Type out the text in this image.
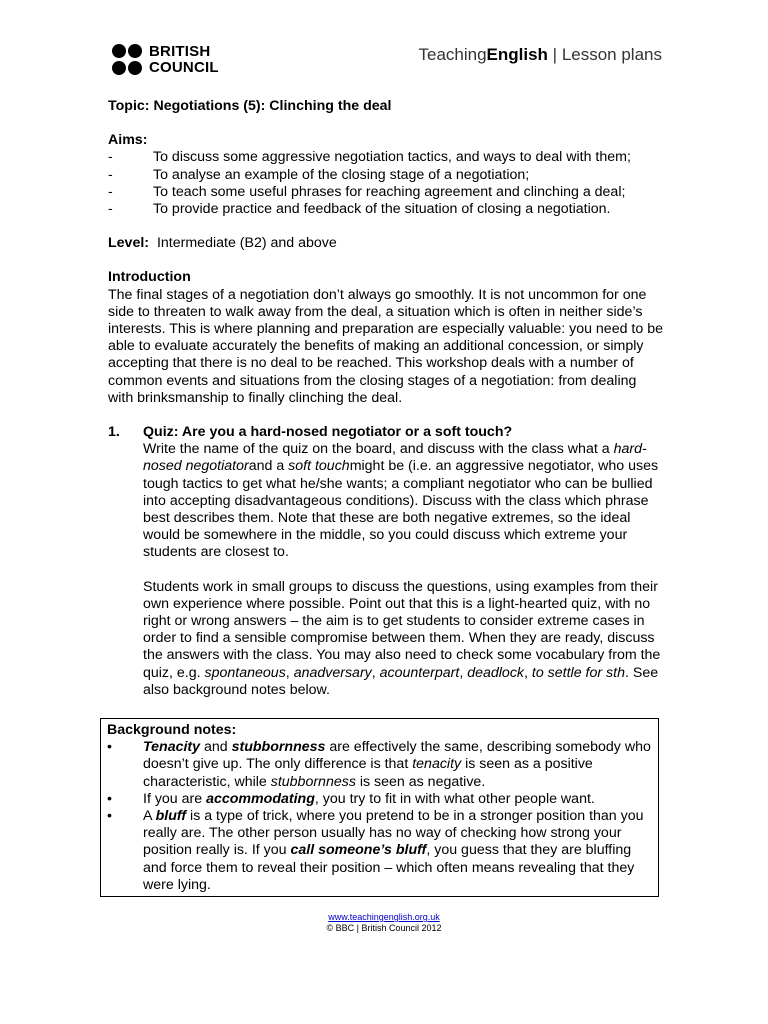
BRITISH
COUNCIL
TeachingEnglish | Lesson plans

Topic: Negotiations (5): Clinching the deal

Aims:

-	To discuss some aggressive negotiation tactics, and ways to deal with them;
-	To analyse an example of the closing stage of a negotiation;
-	To teach some useful phrases for reaching agreement and clinching a deal;
-	To provide practice and feedback of the situation of closing a negotiation.

Level: Intermediate (B2) and above

Introduction

The final stages of a negotiation don’t always go smoothly. It is not uncommon for one side to threaten to walk away from the deal, a situation which is often in neither side’s interests. This is where planning and preparation are especially valuable: you need to be able to evaluate accurately the benefits of making an additional concession, or simply accepting that there is no deal to be reached. This workshop deals with a number of common events and situations from the closing stages of a negotiation: from dealing with brinksmanship to finally clinching the deal.

1. Quiz: Are you a hard-nosed negotiator or a soft touch?

Write the name of the quiz on the board, and discuss with the class what a hard-nosed negotiatorand a soft touchmight be (i.e. an aggressive negotiator, who uses tough tactics to get what he/she wants; a compliant negotiator who can be bullied into accepting disadvantageous conditions). Discuss with the class which phrase best describes them. Note that these are both negative extremes, so the ideal would be somewhere in the middle, so you could discuss which extreme your students are closest to.

Students work in small groups to discuss the questions, using examples from their own experience where possible. Point out that this is a light-hearted quiz, with no right or wrong answers – the aim is to get students to consider extreme cases in order to find a sensible compromise between them. When they are ready, discuss the answers with the class. You may also need to check some vocabulary from the quiz, e.g. spontaneous, anadversary, acounterpart, deadlock, to settle for sth. See also background notes below.

Background notes:

• Tenacity and stubbornness are effectively the same, describing somebody who doesn’t give up. The only difference is that tenacity is seen as a positive characteristic, while stubbornness is seen as negative.
• If you are accommodating, you try to fit in with what other people want.
• A bluff is a type of trick, where you pretend to be in a stronger position than you really are. The other person usually has no way of checking how strong your position really is. If you call someone’s bluff, you guess that they are bluffing and force them to reveal their position – which often means revealing that they were lying.
www.teachingenglish.org.uk
© BBC | British Council 2012
